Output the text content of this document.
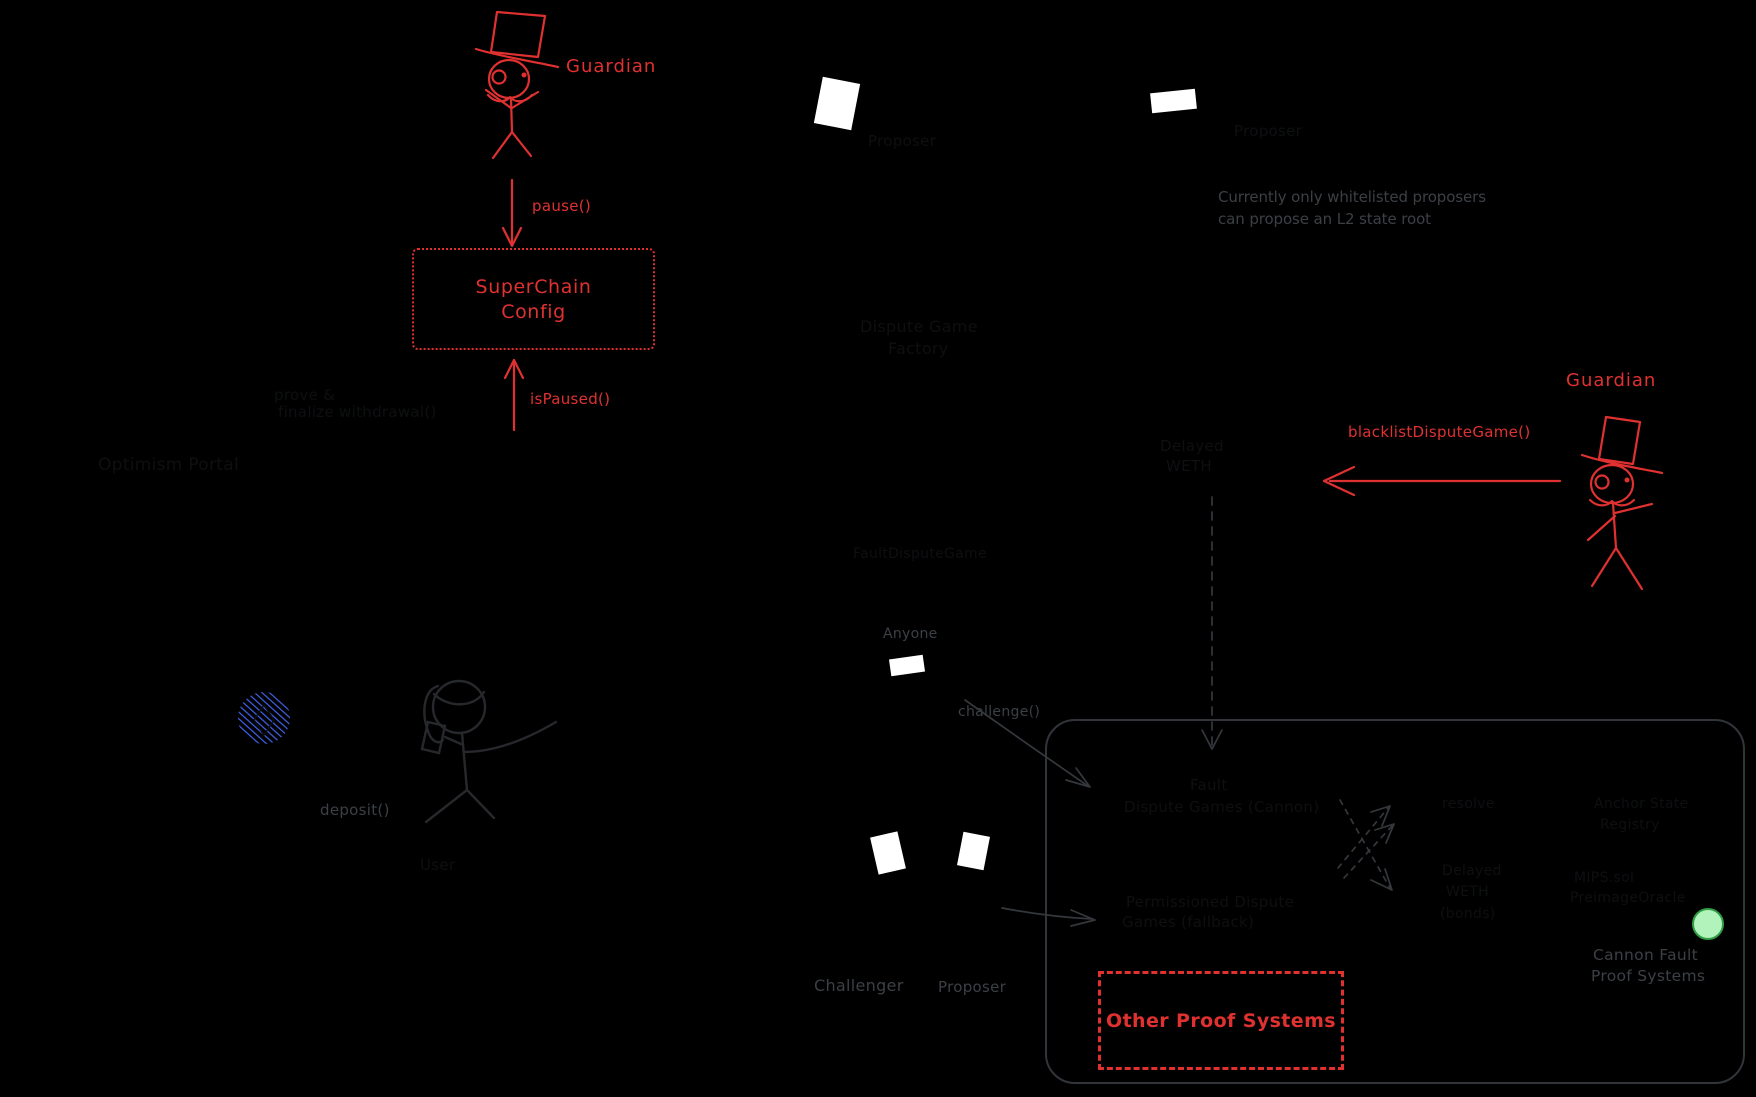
SuperChain
Config
Other Proof Systems
Guardian
pause()
isPaused()
Currently only whitelisted proposers
can propose an L2 state root
Guardian
blacklistDisputeGame()
Anyone
challenge()
Challenger Proposer
deposit()
Cannon Fault
Proof Systems
Optimism Portal
prove &
finalize withdrawal()
User
Proposer
Dispute Game
Factory
Proposer
FaultDisputeGame
Delayed
WETH
Fault
Dispute Games (Cannon)
Permissioned Dispute
Games (fallback)
resolve	Anchor State
Registry
Delayed
WETH
(bonds)
MIPS.sol
PreimageOracle
